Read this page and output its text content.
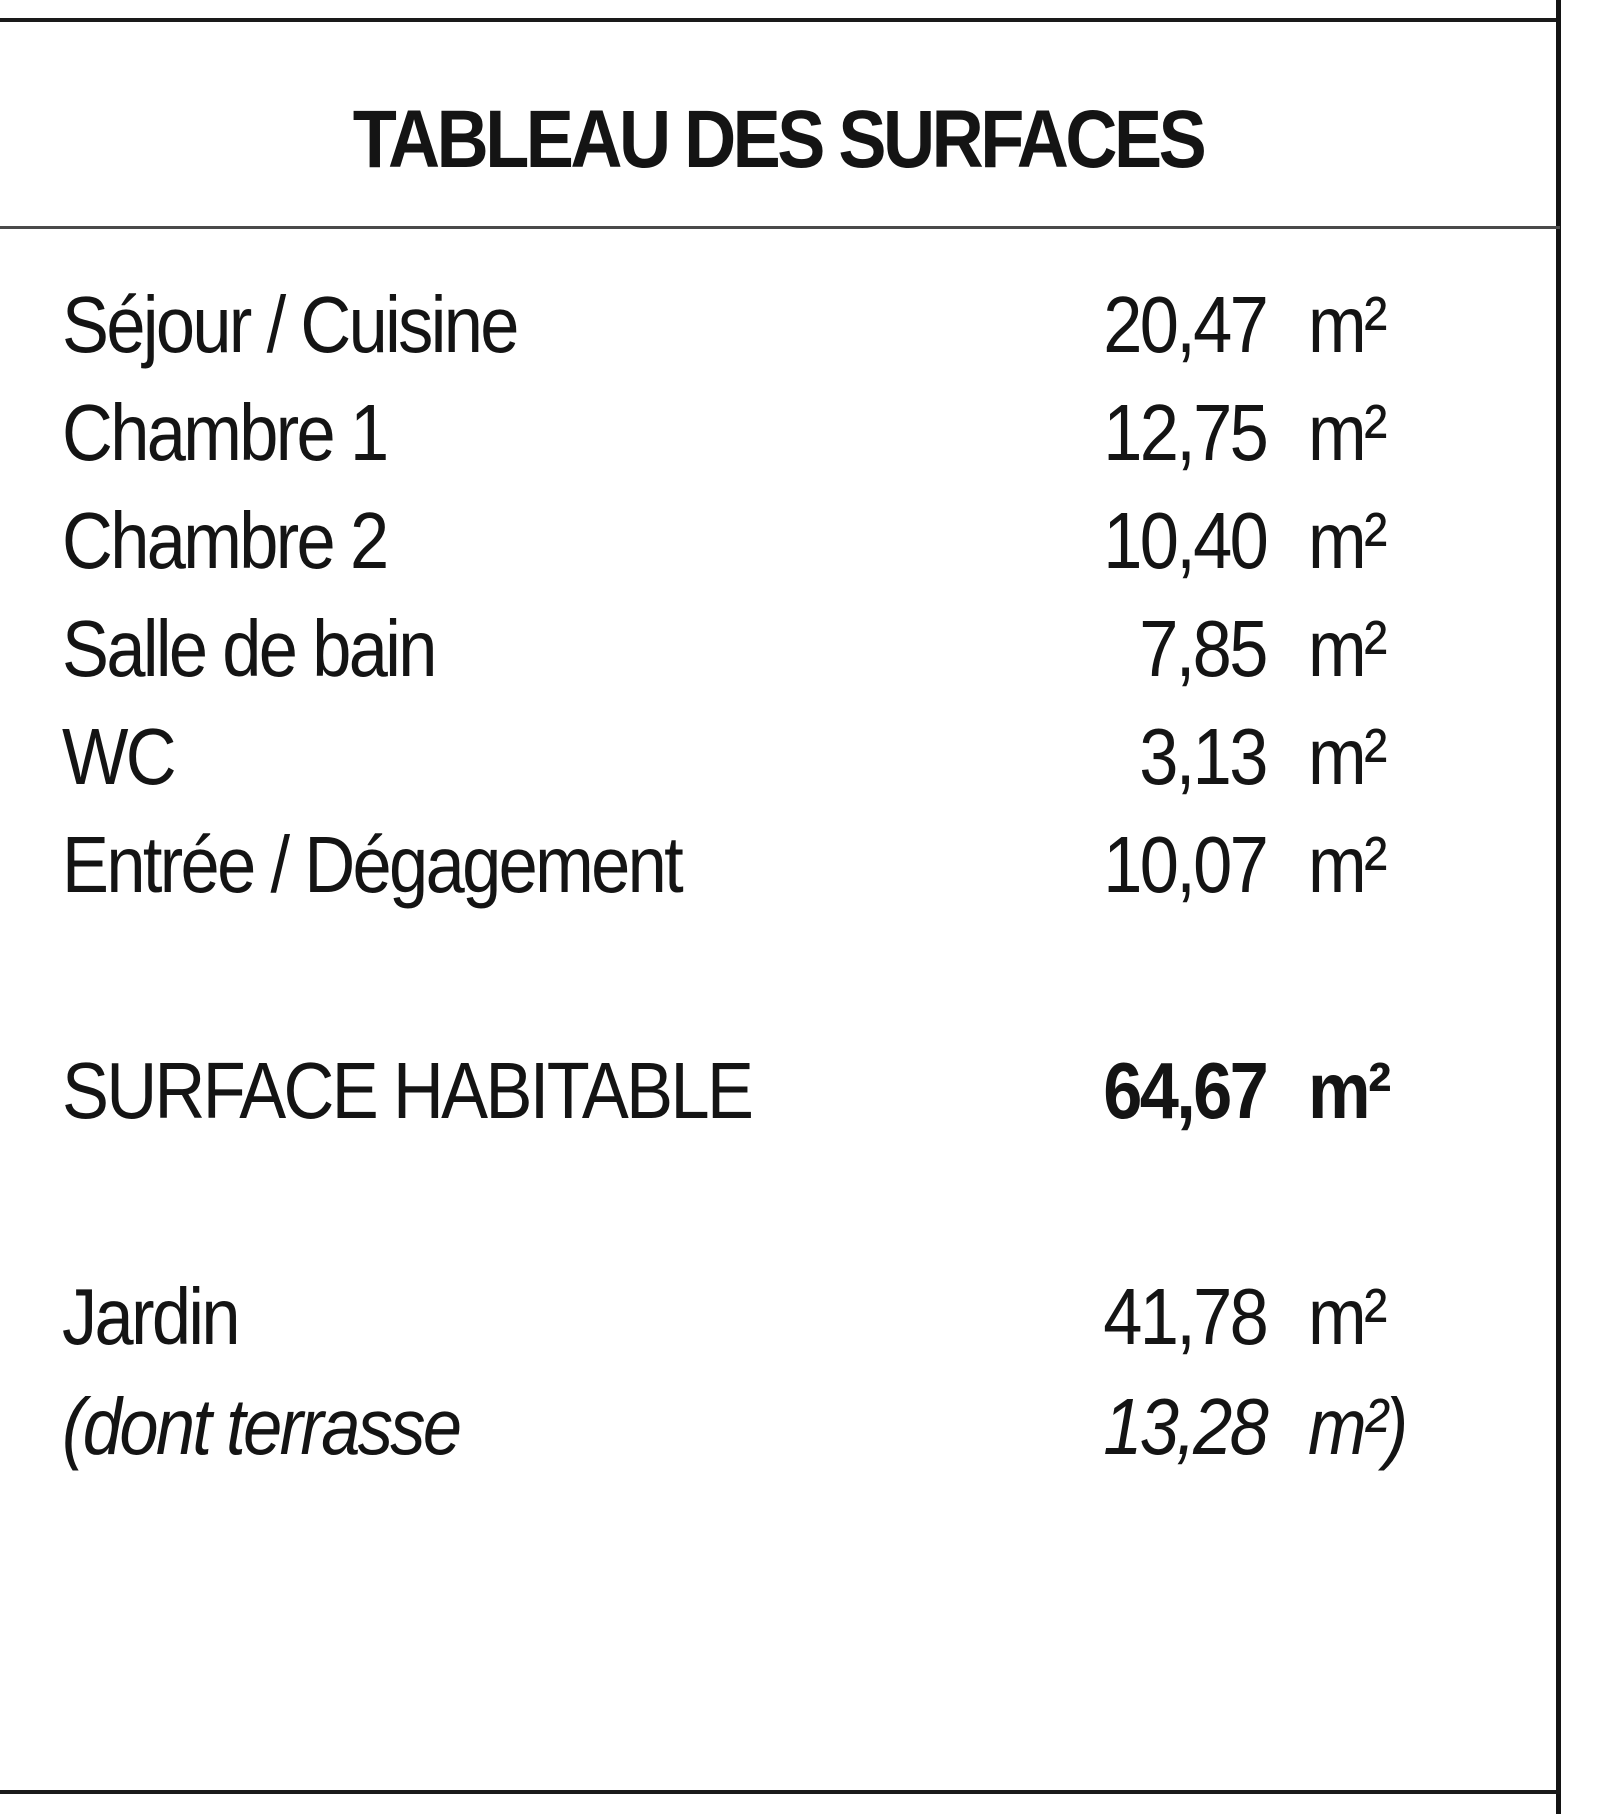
TABLEAU DES SURFACES
Séjour / Cuisine	20,47 m²
Chambre 1	12,75 m²
Chambre 2	10,40 m²
Salle de bain	7,85 m²
WC	3,13 m²
Entrée / Dégagement	10,07 m²
SURFACE HABITABLE	64,67 m²
Jardin	41,78 m²
(dont terrasse	13,28 m²)
